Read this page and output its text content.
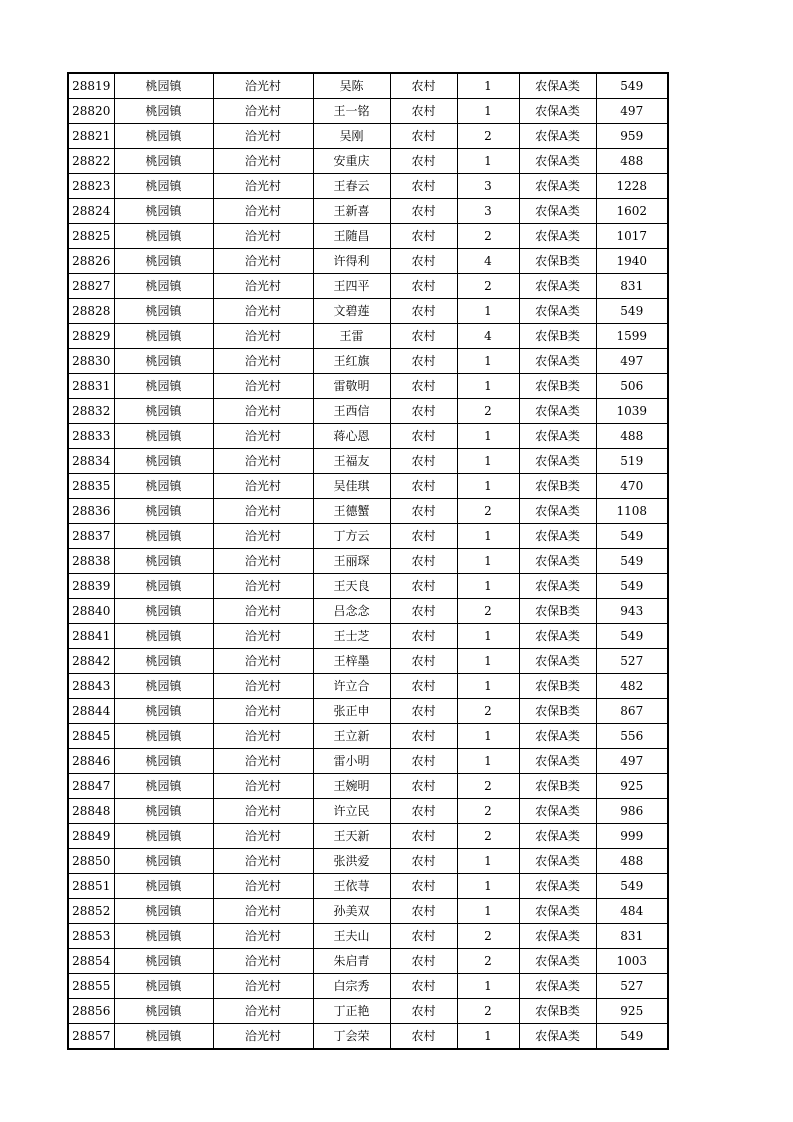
28819	桃园镇	洽光村	吴陈	农村	1	农保A类	549
28820	桃园镇	洽光村	王一铭	农村	1	农保A类	497
28821	桃园镇	洽光村	吴刚	农村	2	农保A类	959
28822	桃园镇	洽光村	安重庆	农村	1	农保A类	488
28823	桃园镇	洽光村	王春云	农村	3	农保A类	1228
28824	桃园镇	洽光村	王新喜	农村	3	农保A类	1602
28825	桃园镇	洽光村	王随昌	农村	2	农保A类	1017
28826	桃园镇	洽光村	许得利	农村	4	农保B类	1940
28827	桃园镇	洽光村	王四平	农村	2	农保A类	831
28828	桃园镇	洽光村	文碧莲	农村	1	农保A类	549
28829	桃园镇	洽光村	王雷	农村	4	农保B类	1599
28830	桃园镇	洽光村	王红旗	农村	1	农保A类	497
28831	桃园镇	洽光村	雷敬明	农村	1	农保B类	506
28832	桃园镇	洽光村	王西信	农村	2	农保A类	1039
28833	桃园镇	洽光村	蒋心恩	农村	1	农保A类	488
28834	桃园镇	洽光村	王福友	农村	1	农保A类	519
28835	桃园镇	洽光村	吴佳琪	农村	1	农保B类	470
28836	桃园镇	洽光村	王德蟹	农村	2	农保A类	1108
28837	桃园镇	洽光村	丁方云	农村	1	农保A类	549
28838	桃园镇	洽光村	王丽琛	农村	1	农保A类	549
28839	桃园镇	洽光村	王天良	农村	1	农保A类	549
28840	桃园镇	洽光村	吕念念	农村	2	农保B类	943
28841	桃园镇	洽光村	王士芝	农村	1	农保A类	549
28842	桃园镇	洽光村	王梓墨	农村	1	农保A类	527
28843	桃园镇	洽光村	许立合	农村	1	农保B类	482
28844	桃园镇	洽光村	张正申	农村	2	农保B类	867
28845	桃园镇	洽光村	王立新	农村	1	农保A类	556
28846	桃园镇	洽光村	雷小明	农村	1	农保A类	497
28847	桃园镇	洽光村	王婉明	农村	2	农保B类	925
28848	桃园镇	洽光村	许立民	农村	2	农保A类	986
28849	桃园镇	洽光村	王天新	农村	2	农保A类	999
28850	桃园镇	洽光村	张洪爱	农村	1	农保A类	488
28851	桃园镇	洽光村	王依荨	农村	1	农保A类	549
28852	桃园镇	洽光村	孙美双	农村	1	农保A类	484
28853	桃园镇	洽光村	王夫山	农村	2	农保A类	831
28854	桃园镇	洽光村	朱启青	农村	2	农保A类	1003
28855	桃园镇	洽光村	白宗秀	农村	1	农保A类	527
28856	桃园镇	洽光村	丁正艳	农村	2	农保B类	925
28857	桃园镇	洽光村	丁会荣	农村	1	农保A类	549
